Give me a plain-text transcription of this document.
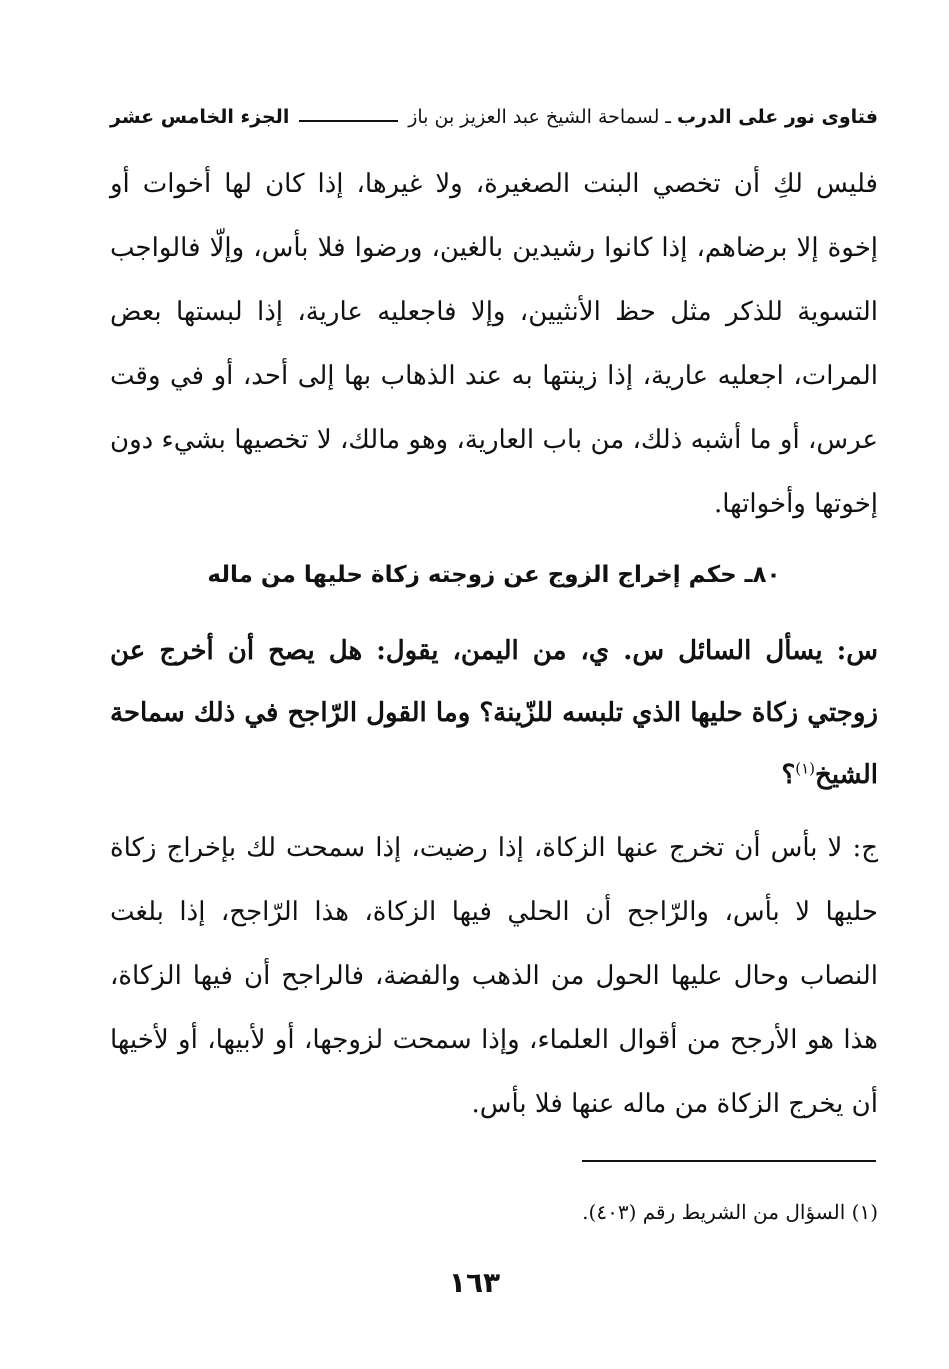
فتاوى نور على الدرب
ـ
لسماحة الشيخ عبد العزيز بن باز
الجزء الخامس عشر
فليس لكِ أن تخصي البنت الصغيرة، ولا غيرها، إذا كان لها أخوات أو إخوة إلا برضاهم، إذا كانوا رشيدين بالغين، ورضوا فلا بأس، وإلّا فالواجب التسوية للذكر مثل حظ الأنثيين، وإلا فاجعليه عارية، إذا لبستها بعض المرات، اجعليه عارية، إذا زينتها به عند الذهاب بها إلى أحد، أو في وقت عرس، أو ما أشبه ذلك، من باب العارية، وهو مالك، لا تخصيها بشيء دون إخوتها وأخواتها.
٨٠ـ حكم إخراج الزوج عن زوجته زكاة حليها من ماله
س: يسأل السائل س. ي، من اليمن، يقول: هل يصح أن أخرج عن زوجتي زكاة حليها الذي تلبسه للزّينة؟ وما القول الرّاجح في ذلك سماحة الشيخ$^{(١)}$؟
ج: لا بأس أن تخرج عنها الزكاة، إذا رضيت، إذا سمحت لك بإخراج زكاة حليها لا بأس، والرّاجح أن الحلي فيها الزكاة، هذا الرّاجح، إذا بلغت النصاب وحال عليها الحول من الذهب والفضة، فالراجح أن فيها الزكاة، هذا هو الأرجح من أقوال العلماء، وإذا سمحت لزوجها، أو لأبيها، أو لأخيها أن يخرج الزكاة من ماله عنها فلا بأس.
(١) السؤال من الشريط رقم (٤٠٣).
١٦٣
